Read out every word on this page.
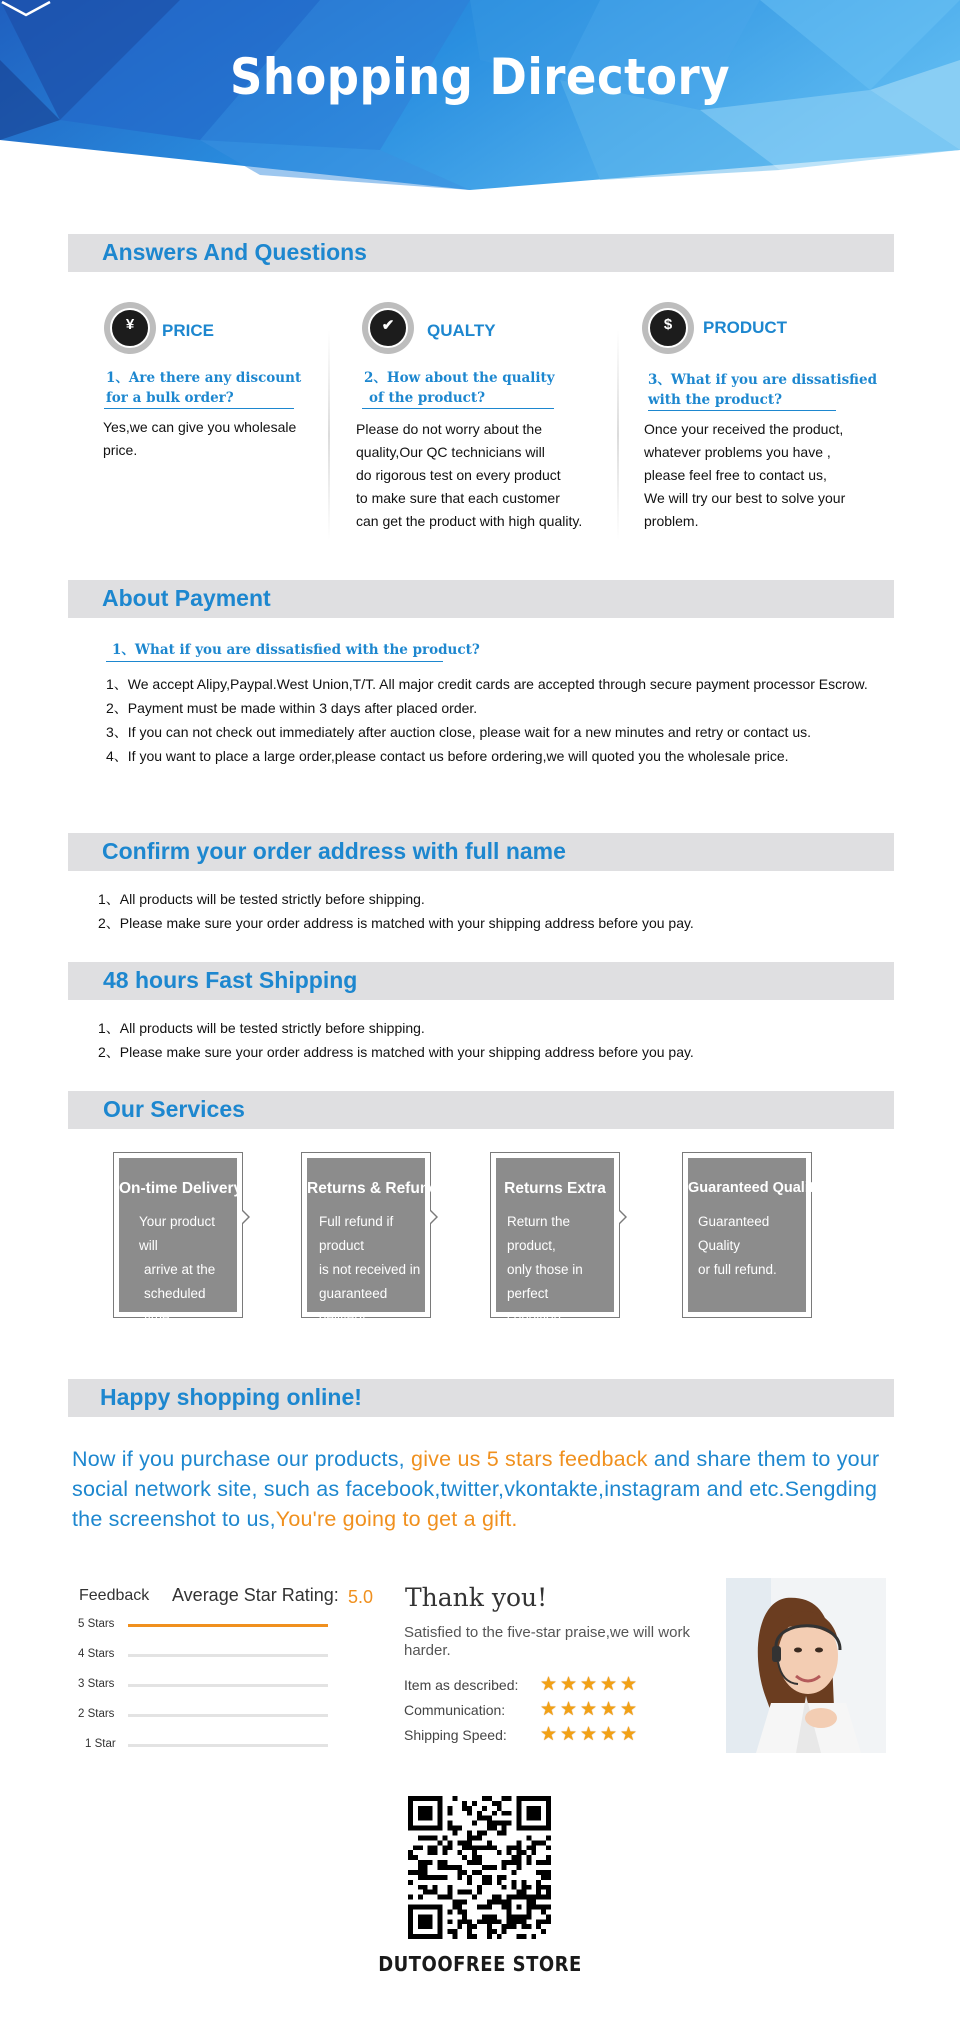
Shopping Directory
Answers And Questions
¥	PRICE
1、Are there any discount
for a bulk order?
Yes,we can give you wholesale
price.
✔	QUALTY
2、How about the quality
of the product?
Please do not worry about the
quality,Our QC technicians will
do rigorous test on every product
to make sure that each customer
can get the product with high quality.
$	PRODUCT
3、What if you are dissatisfied
with the product?
Once your received the product,
whatever problems you have ,
please feel free to contact us,
We will try our best to solve your
problem.
About Payment
1、What if you are dissatisfied with the product?
1、We accept Alipy,Paypal.West Union,T/T. All major credit cards are accepted through secure payment processor Escrow.
2、Payment must be made within 3 days after placed order.
3、If you can not check out immediately after auction close, please wait for a new minutes and retry or contact us.
4、If you want to place a large order,please contact us before ordering,we will quoted you the wholesale price.
Confirm your order address with full name
1、All products will be tested strictly before shipping.
2、Please make sure your order address is matched with your shipping address before you pay.
48 hours Fast Shipping
1、All products will be tested strictly before shipping.
2、Please make sure your order address is matched with your shipping address before you pay.
Our Services
On-time Delivery
Your product will
arrive at the
scheduled time.
Returns & Refund
Full refund if product
is not received in
guaranteed delivery
time.
Returns Extra
Return the product,
only those in perfect
condition.
Guaranteed Quality
Guaranteed Quality
or full refund.
Happy shopping online!
Now if you purchase our products, give us 5 stars feedback and share them to your social network site, such as facebook,twitter,vkontakte,instagram and etc.Sengding the screenshot to us,You're going to get a gift.
Feedback Average Star Rating: 5.0
5 Stars
4 Stars
3 Stars
2 Stars
1 Star
Thank you!
Satisfied to the five-star praise,we will work harder.
Item as described: ★ ★ ★ ★ ★
Communication: ★ ★ ★ ★ ★
Shipping Speed: ★ ★ ★ ★ ★
DUTOOFREE STORE
